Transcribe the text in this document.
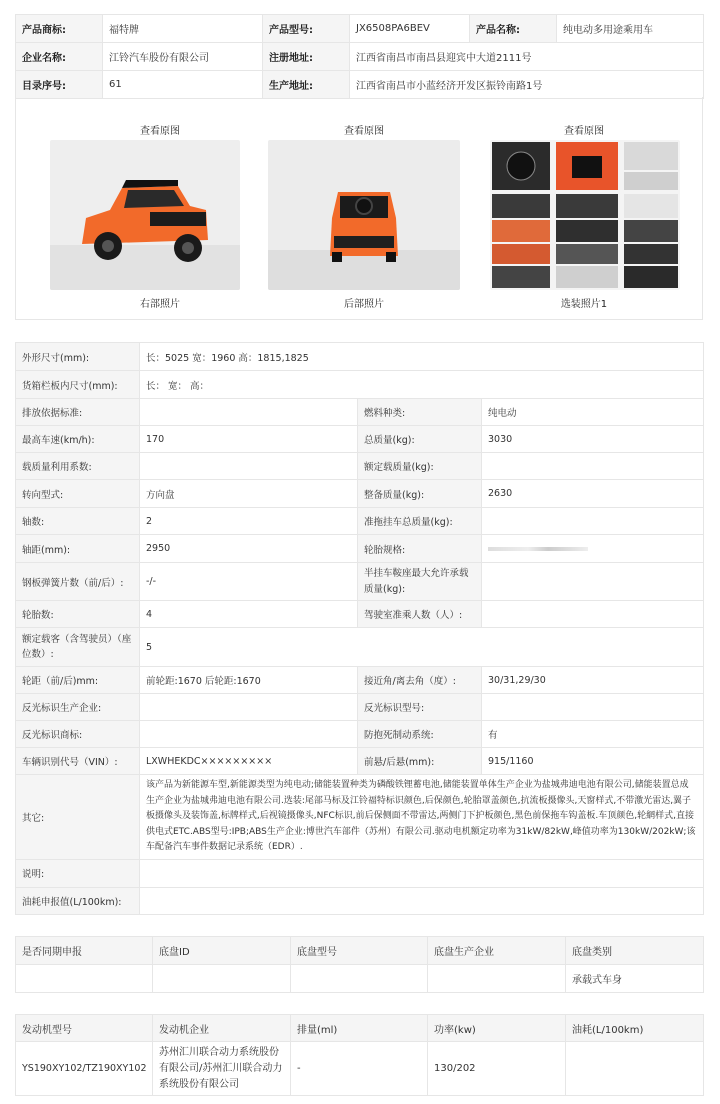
产品商标:	福特牌	产品型号:	JX6508PA6BEV	产品名称:	纯电动多用途乘用车
企业名称:	江铃汽车股份有限公司	注册地址:	江西省南昌市南昌县迎宾中大道2111号		
目录序号:	61	生产地址:	江西省南昌市小蓝经济开发区振铃南路1号		
查看原图
右部照片
查看原图
后部照片
查看原图
选装照片1
外形尺寸(mm):	长：5025 宽：1960 高：1815,1825		
货箱栏板内尺寸(mm):	长： 宽： 高：		
排放依据标准:		燃料种类:	纯电动
最高车速(km/h):	170	总质量(kg):	3030
载质量利用系数:		额定载质量(kg):	
转向型式:	方向盘	整备质量(kg):	2630
轴数:	2	准拖挂车总质量(kg):	
轴距(mm):	2950	轮胎规格:	
钢板弹簧片数（前/后）:	-/-	半挂车鞍座最大允许承载质量(kg):	
轮胎数:	4	驾驶室准乘人数（人）:	
额定载客（含驾驶员）（座位数）:	5		
轮距（前/后)mm:	前轮距:1670 后轮距:1670	接近角/离去角（度）:	30/31,29/30
反光标识生产企业:		反光标识型号:	
反光标识商标:		防抱死制动系统:	有
车辆识别代号（VIN）:	LXWHEKDC×××××××××	前悬/后悬(mm):	915/1160
其它:	该产品为新能源车型,新能源类型为纯电动;储能装置种类为磷酸铁锂蓄电池,储能装置单体生产企业为盐城弗迪电池有限公司,储能装置总成生产企业为盐城弗迪电池有限公司.选装:尾部马标及江铃福特标识颜色,后保颜色,轮胎罩盖颜色,抗流板摄像头,天窗样式,不带激光雷达,翼子板摄像头及装饰盖,标牌样式,后视镜摄像头,NFC标识,前后保侧面不带雷达,两侧门下护板颜色,黑色前保拖车钩盖板.车顶颜色,轮網样式,直接供电式ETC.ABS型号:IPB;ABS生产企业:博世汽车部件（苏州）有限公司.驱动电机额定功率为31kW/82kW,峰值功率为130kW/202kW;该车配备汽车事件数据记录系统（EDR）.		
说明:			
油耗申报值(L/100km):			
是否同期申报	底盘ID	底盘型号	底盘生产企业	底盘类别
				承载式车身
发动机型号	发动机企业	排量(ml)	功率(kw)	油耗(L/100km)
YS190XY102/TZ190XY102	苏州汇川联合动力系统股份有限公司/苏州汇川联合动力系统股份有限公司	-	130/202	
